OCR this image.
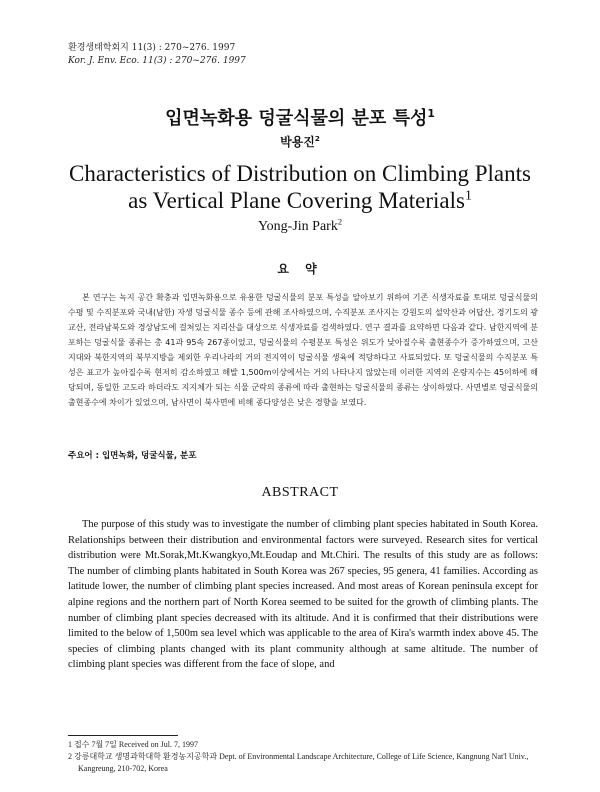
환경생태학회지 11(3) : 270~276. 1997
Kor. J. Env. Eco. 11(3) : 270~276. 1997
입면녹화용 덩굴식물의 분포 특성$^1$
박용진$^2$
Characteristics of Distribution on Climbing Plants
as Vertical Plane Covering Materials$^1$
Yong-Jin Park$^2$
요 약
본 연구는 녹지 공간 확충과 입면녹화용으로 유용한 덩굴식물의 분포 특성을 알아보기 위하여 기존 식생자료를 토대로 덩굴식물의 수평 및 수직분포와 국내(남한) 자생 덩굴식물 종수 등에 관해 조사하였으며, 수직분포 조사지는 강원도의 설악산과 어답산, 경기도의 광교산, 전라남북도와 경상남도에 걸쳐있는 지리산을 대상으로 식생자료를 검색하였다. 연구 결과를 요약하면 다음과 같다. 남한지역에 분포하는 덩굴식물 종류는 총 41과 95속 267종이었고, 덩굴식물의 수평분포 특성은 위도가 낮아질수록 출현종수가 증가하였으며, 고산지대와 북한지역의 북부지방을 제외한 우리나라의 거의 전지역이 덩굴식물 생육에 적당하다고 사료되었다. 또 덩굴식물의 수직분포 특성은 표고가 높아질수록 현저히 감소하였고 해발 1,500m이상에서는 거의 나타나지 않았는데 이러한 지역의 온량지수는 45이하에 해당되며, 동일한 고도라 하더라도 지지체가 되는 식물 군락의 종류에 따라 출현하는 덩굴식물의 종류는 상이하였다. 사면별로 덩굴식물의 출현종수에 차이가 있었으며, 남사면이 북사면에 비해 종다양성은 낮은 경향을 보였다.
주요어 : 입면녹화, 덩굴식물, 분포
ABSTRACT
The purpose of this study was to investigate the number of climbing plant species habitated in South Korea. Relationships between their distribution and environmental factors were surveyed. Research sites for vertical distribution were Mt.Sorak,Mt.Kwangkyo,Mt.Eoudap and Mt.Chiri. The results of this study are as follows: The number of climbing plants habitated in South Korea was 267 species, 95 genera, 41 families. According as latitude lower, the number of climbing plant species increased. And most areas of Korean peninsula except for alpine regions and the northern part of North Korea seemed to be suited for the growth of climbing plants. The number of climbing plant species decreased with its altitude. And it is confirmed that their distributions were limited to the below of 1,500m sea level which was applicable to the area of Kira's warmth index above 45. The species of climbing plants changed with its plant community although at same altitude. The number of climbing plant species was different from the face of slope, and
1 접수 7월 7일 Received on Jul. 7, 1997
2 강릉대학교 생명과학대학 환경농지공학과 Dept. of Environmental Landscape Architecture, College of Life Science, Kangnung Nat'l Univ., Kangreung, 210-702, Korea
